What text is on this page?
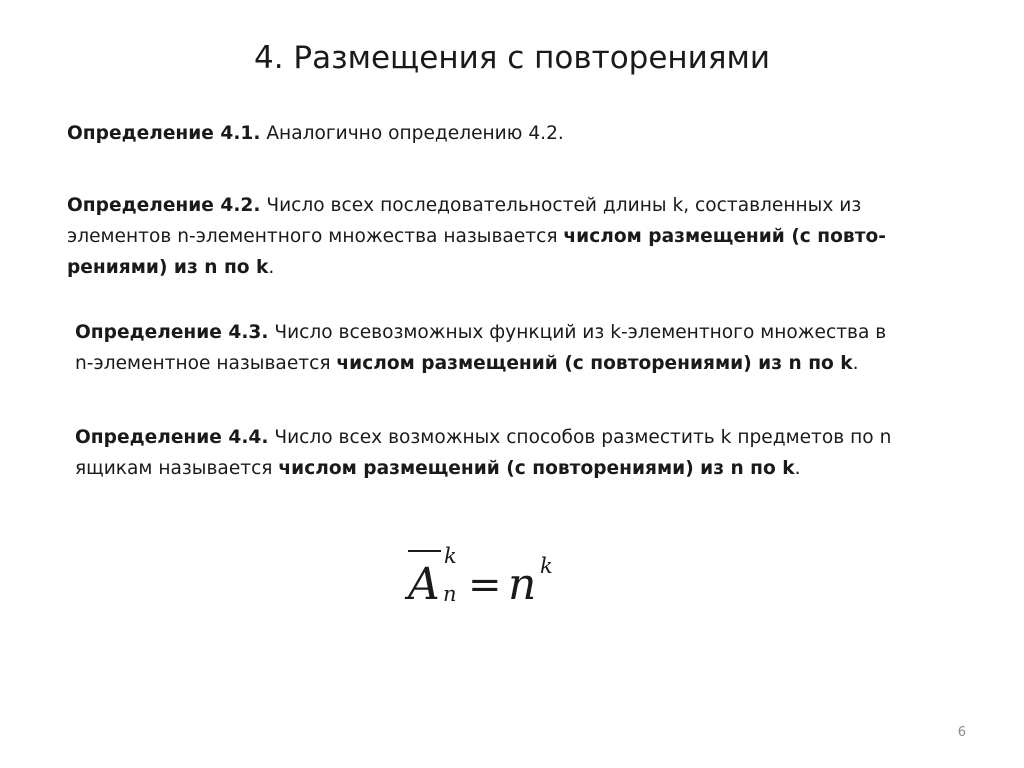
4. Размещения с повторениями

Определение 4.1. Аналогично определению 4.2.

Определение 4.2. Число всех последовательностей длины k, составленных из

элементов n-элементного множества называется числом размещений (с повто-

рениями) из n по k.

Определение 4.3. Число всевозможных функций из k-элементного множества в

n-элементное называется числом размещений (с повторениями) из n по k.

Определение 4.4. Число всех возможных способов разместить k предметов по n

ящикам называется числом размещений (с повторениями) из n по k.

k
A n = n k
6
